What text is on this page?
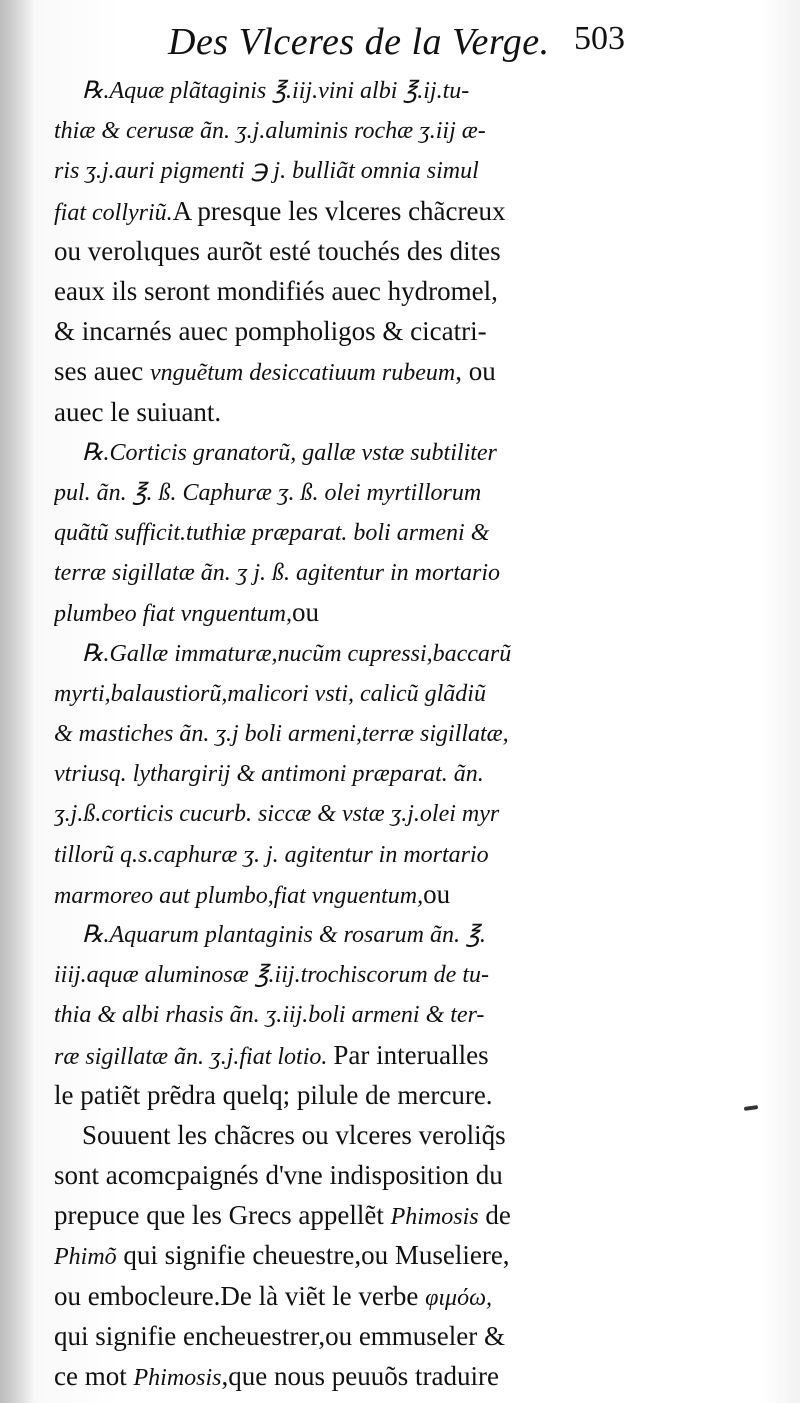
Des Vlceres de la Verge. 503
℞.Aquæ plãtaginis ℥.iij.vini albi ℥.ij.tu-
thiæ & cerusæ ãn. ʒ.j.aluminis rochæ ʒ.iij æ-
ris ʒ.j.auri pigmenti ℈ j. bulliãt omnia simul
fiat collyriũ.A presque les vlceres chãcreux
ou verolιques aurõt esté touchés des dites
eaux ils seront mondifiés auec hydromel,
& incarnés auec pompholigos & cicatri-
ses auec vnguẽtum desiccatiuum rubeum, ou
auec le suiuant.
℞.Corticis granatorũ, gallæ vstæ subtiliter
pul. ãn. ℥. ß. Caphuræ ʒ. ß. olei myrtillorum
quãtũ sufficit.tuthiæ præparat. boli armeni &
terræ sigillatæ ãn. ʒ j. ß. agitentur in mortario
plumbeo fiat vnguentum,ou
℞.Gallæ immaturæ,nucũm cupressi,baccarũ
myrti,balaustiorũ,malicori vsti, calicũ glãdiũ
& mastiches ãn. ʒ.j boli armeni,terræ sigillatæ,
vtriusq. lythargirij & antimoni præparat. ãn.
ʒ.j.ß.corticis cucurb. siccæ & vstæ ʒ.j.olei myr
tillorũ q.s.caphuræ ʒ. j. agitentur in mortario
marmoreo aut plumbo,fiat vnguentum,ou
℞.Aquarum plantaginis & rosarum ãn. ℥.
iiij.aquæ aluminosæ ℥.iij.trochiscorum de tu-
thia & albi rhasis ãn. ʒ.iij.boli armeni & ter-
ræ sigillatæ ãn. ʒ.j.fiat lotio. Par interualles
le patiẽt prẽdra quelq; pilule de mercure.
Souuent les chãcres ou vlceres veroliq̃s
sont acomcpaignés d'vne indisposition du
prepuce que les Grecs appellẽt Phimosis de
Phimõ qui signifie cheuestre,ou Museliere,
ou embocleure.De là viẽt le verbe φιμόω,
qui signifie encheuestrer,ou emmuseler &
ce mot Phimosis,que nous peuuõs traduire
